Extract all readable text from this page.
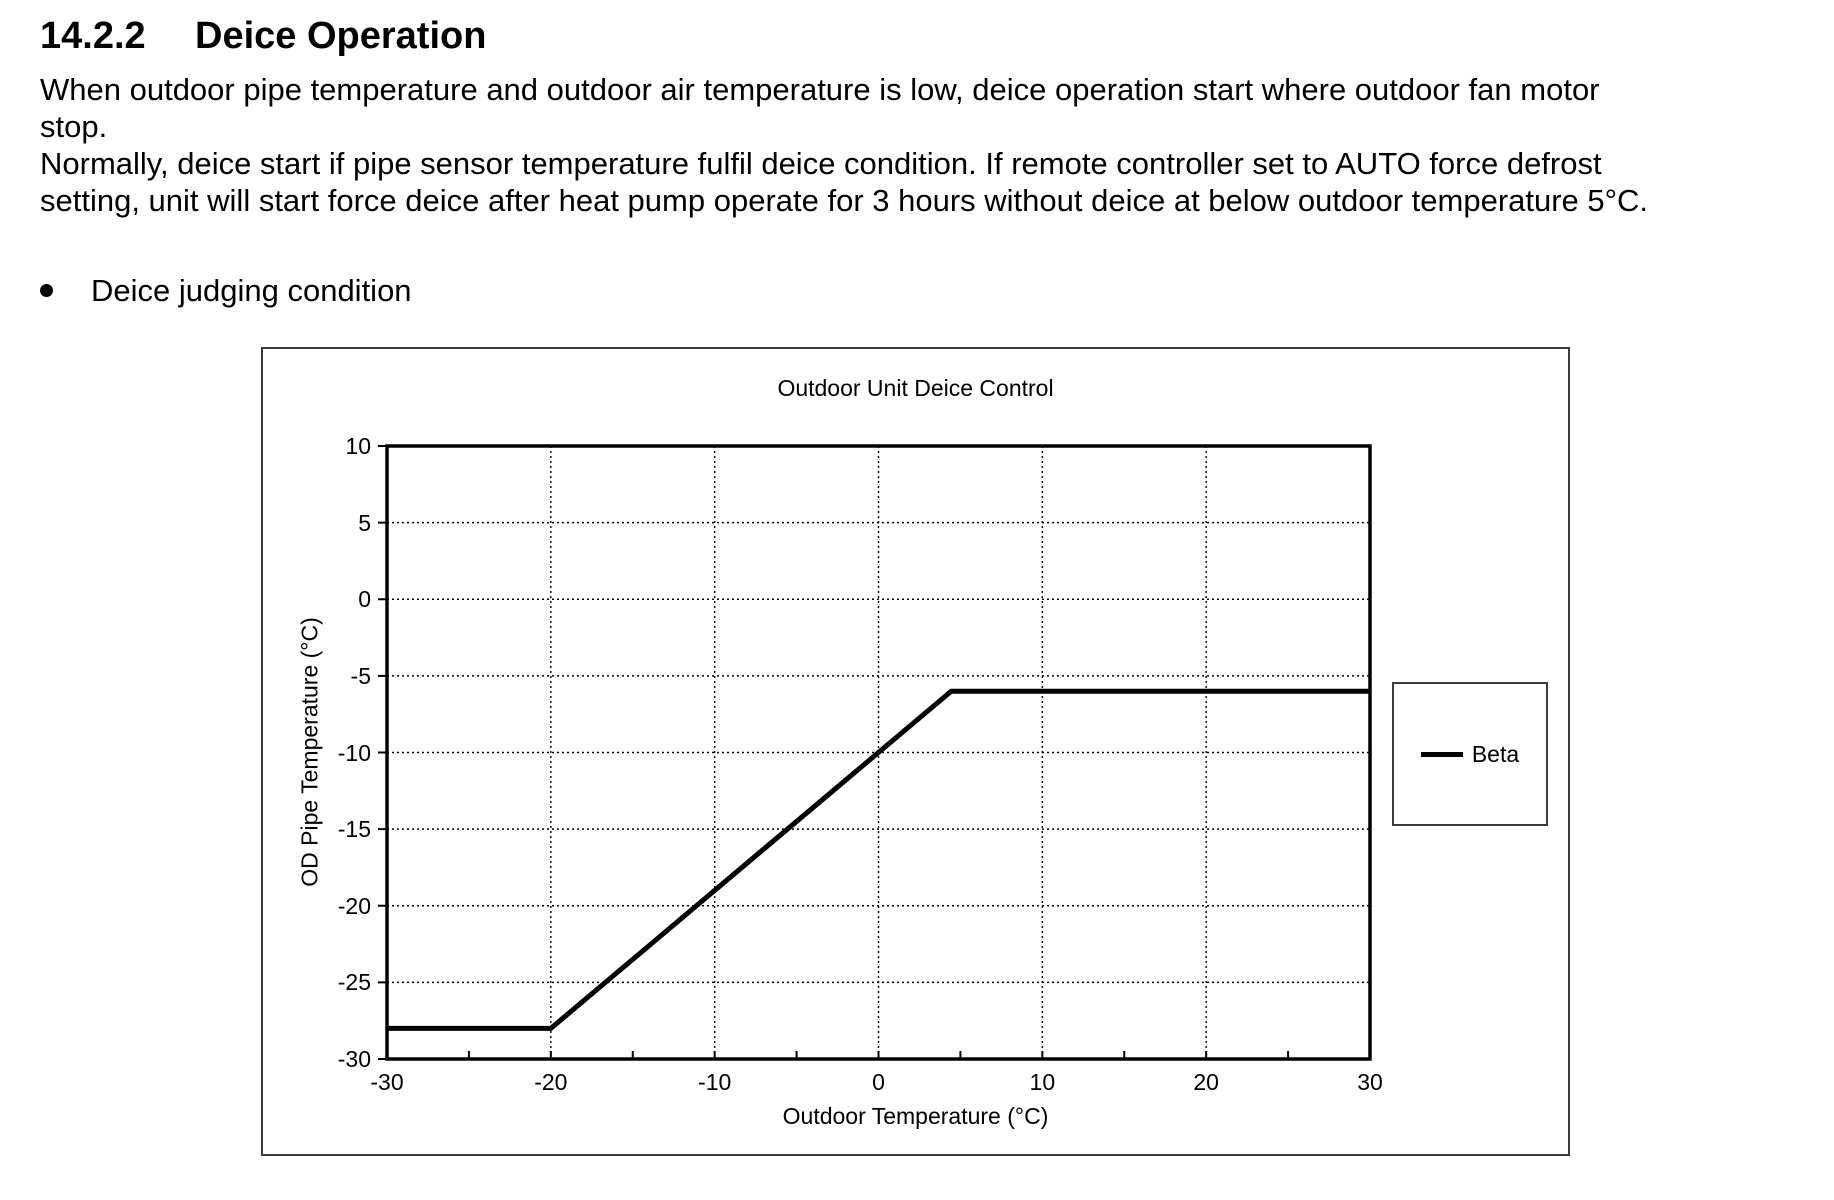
14.2.2 Deice Operation
When outdoor pipe temperature and outdoor air temperature is low, deice operation start where outdoor fan motor
stop.
Normally, deice start if pipe sensor temperature fulfil deice condition. If remote controller set to AUTO force defrost
setting, unit will start force deice after heat pump operate for 3 hours without deice at below outdoor temperature 5°C.
Deice judging condition
Outdoor Unit Deice Control
Outdoor Temperature (°C)
OD Pipe Temperature (°C)	Beta
10
5
0
-5
-10
-15
-20
-25
-30
-30	-20	-10	0	10	20	30
